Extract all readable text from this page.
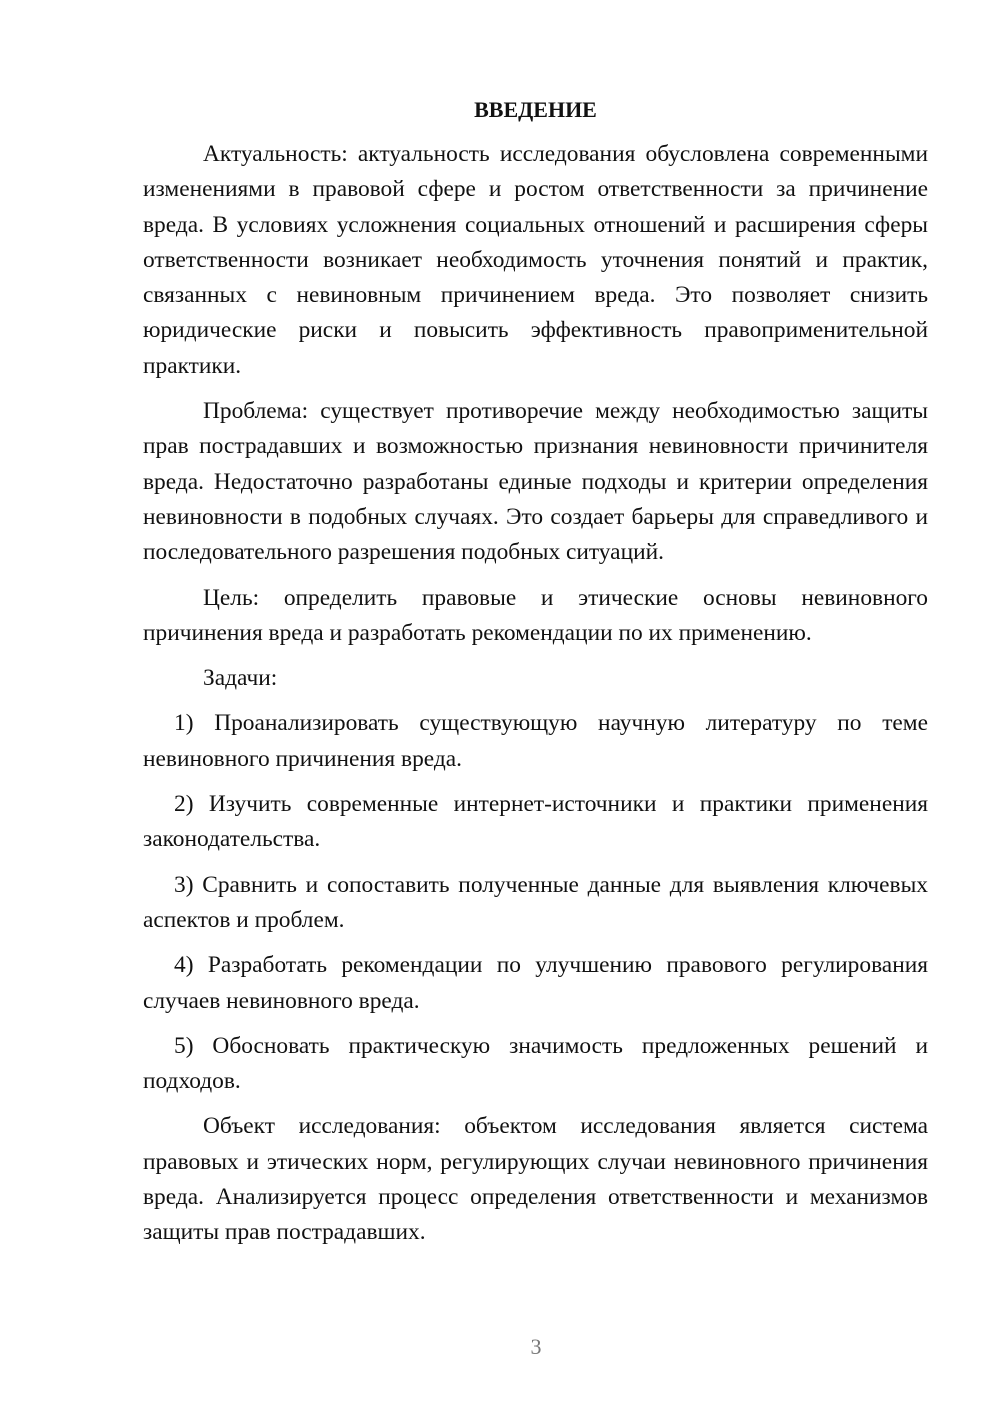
ВВЕДЕНИЕ

Актуальность: актуальность исследования обусловлена современными изменениями в правовой сфере и ростом ответственности за причинение вреда. В условиях усложнения социальных отношений и расширения сферы ответственности возникает необходимость уточнения понятий и практик, связанных с невиновным причинением вреда. Это позволяет снизить юридические риски и повысить эффективность правоприменительной практики.

Проблема: существует противоречие между необходимостью защиты прав пострадавших и возможностью признания невиновности причинителя вреда. Недостаточно разработаны единые подходы и критерии определения невиновности в подобных случаях. Это создает барьеры для справедливого и последовательного разрешения подобных ситуаций.

Цель: определить правовые и этические основы невиновного причинения вреда и разработать рекомендации по их применению.

Задачи:

1) Проанализировать существующую научную литературу по теме невиновного причинения вреда.

2) Изучить современные интернет-источники и практики применения законодательства.

3) Сравнить и сопоставить полученные данные для выявления ключевых аспектов и проблем.

4) Разработать рекомендации по улучшению правового регулирования случаев невиновного вреда.

5) Обосновать практическую значимость предложенных решений и подходов.

Объект исследования: объектом исследования является система правовых и этических норм, регулирующих случаи невиновного причинения вреда. Анализируется процесс определения ответственности и механизмов защиты прав пострадавших.

3
